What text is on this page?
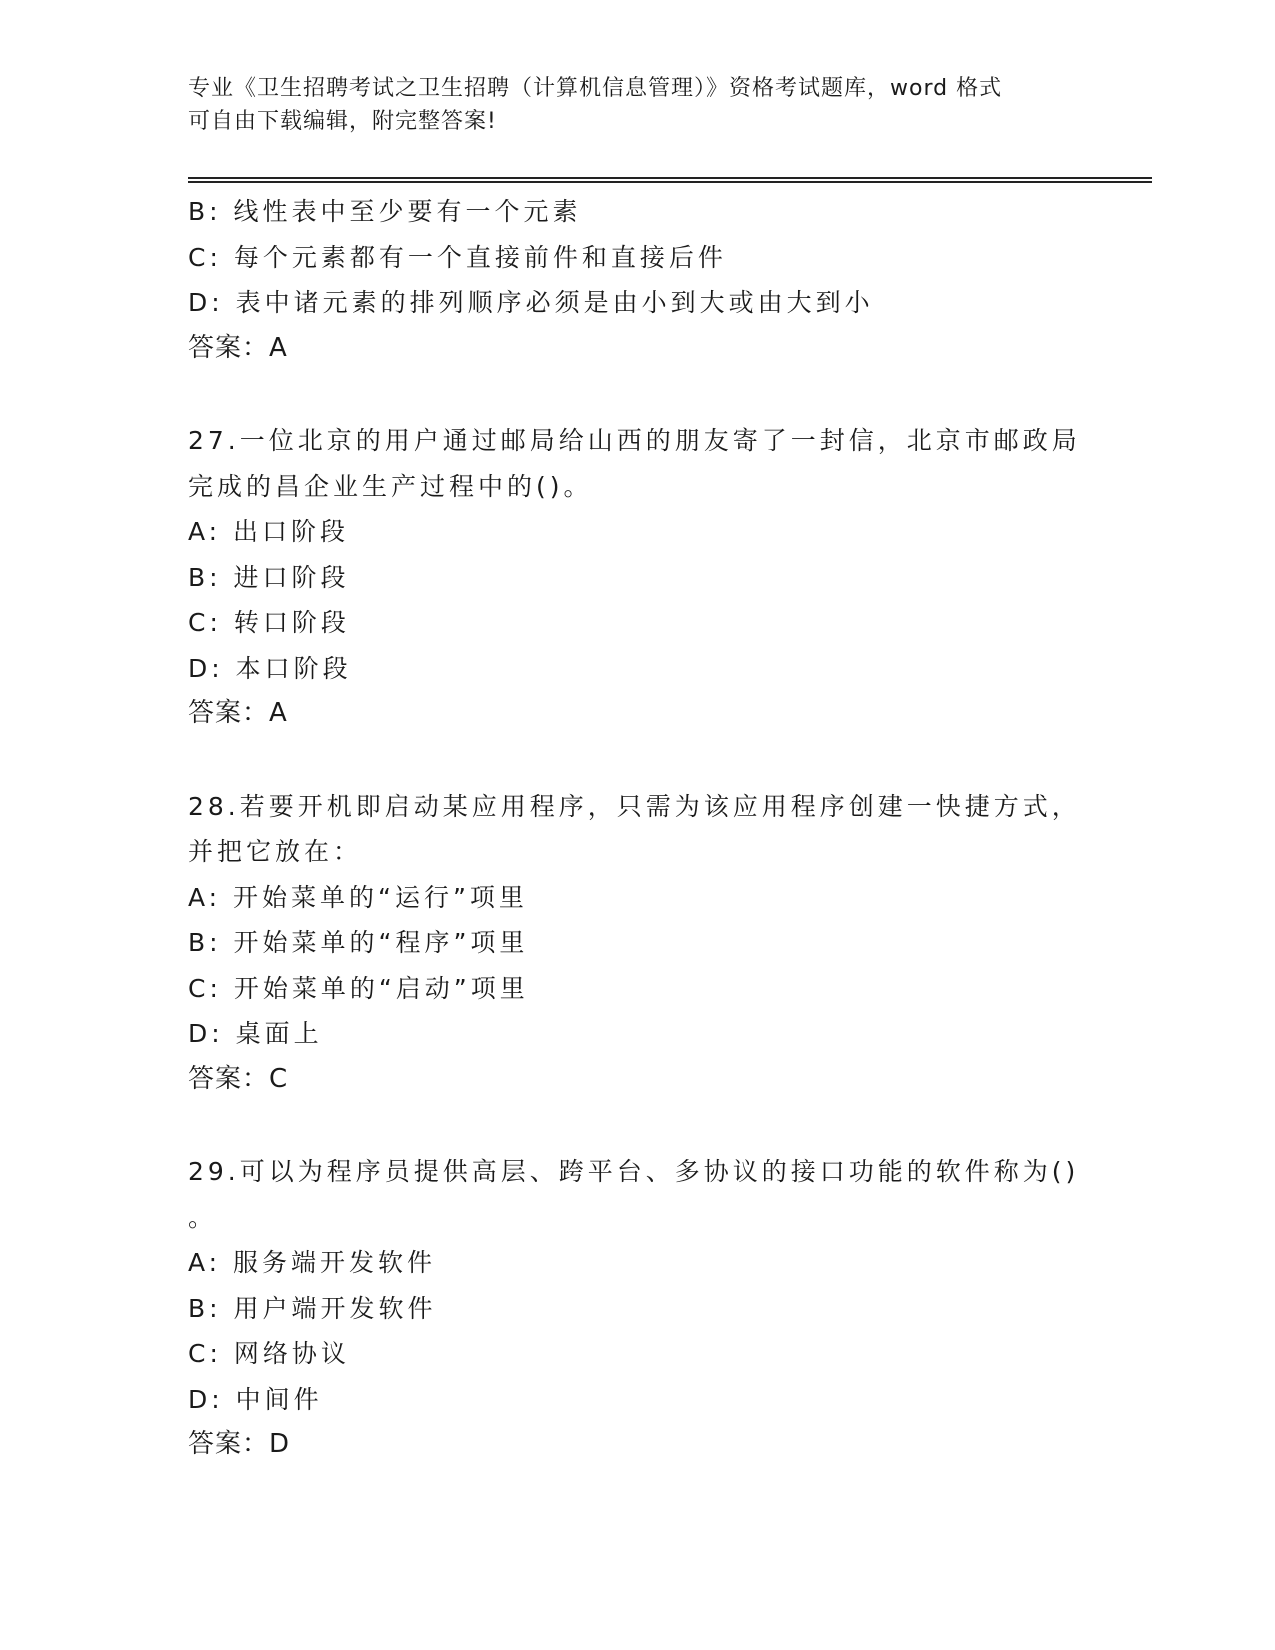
专业《卫生招聘考试之卫生招聘（计算机信息管理）》资格考试题库，word 格式
可自由下载编辑，附完整答案!
B: 线性表中至少要有一个元素
C: 每个元素都有一个直接前件和直接后件
D: 表中诸元素的排列顺序必须是由小到大或由大到小
答案：A
27.一位北京的用户通过邮局给山西的朋友寄了一封信，北京市邮政局
完成的昌企业生产过程中的()。
A: 出口阶段
B: 进口阶段
C: 转口阶段
D: 本口阶段
答案：A
28.若要开机即启动某应用程序，只需为该应用程序创建一快捷方式，
并把它放在：
A: 开始菜单的“运行”项里
B: 开始菜单的“程序”项里
C: 开始菜单的“启动”项里
D: 桌面上
答案：C
29.可以为程序员提供高层、跨平台、多协议的接口功能的软件称为()
。
A: 服务端开发软件
B: 用户端开发软件
C: 网络协议
D: 中间件
答案：D
